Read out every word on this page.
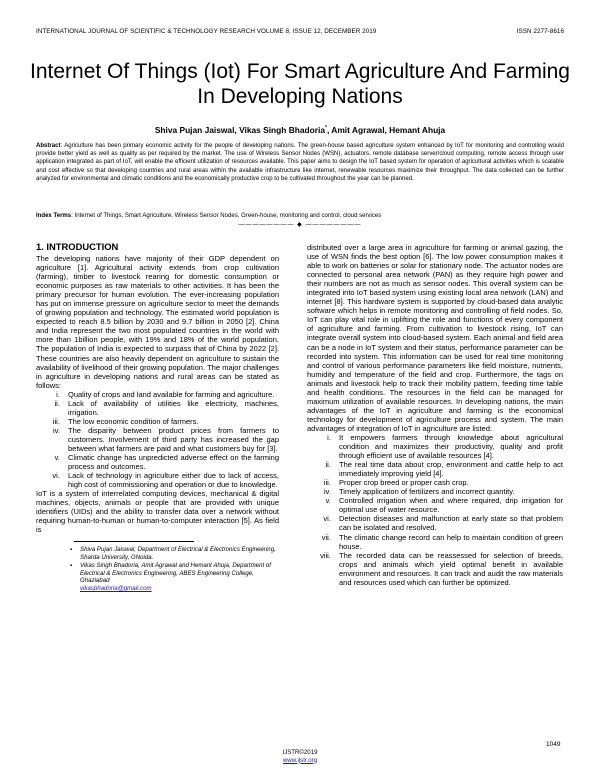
INTERNATIONAL JOURNAL OF SCIENTIFIC & TECHNOLOGY RESEARCH VOLUME 8, ISSUE 12, DECEMBER 2019	ISSN 2277-8616
Internet Of Things (Iot) For Smart Agriculture And Farming In Developing Nations
Shiva Pujan Jaiswal, Vikas Singh Bhadoria*, Amit Agrawal, Hemant Ahuja
Abstract: Agriculture has been primary economic activity for the people of developing nations. The green-house based agriculture system enhanced by IoT for monitoring and controlling would provide better yield as well as quality as per required by the market. The use of Wireless Sensor Nodes (WSN), actuators, remote database server/cloud computing, remote access through user application integrated as part of IoT, will enable the efficient utilization of resources available. This paper aims to design the IoT based system for operation of agricultural activities which is scalable and cost effective so that developing countries and rural areas within the available infrastructure like internet, renewable resources maximize their throughput. The data collected can be further analyzed for environmental and climatic conditions and the economically productive crop to be cultivated throughout the year can be planned.
Index Terms: Internet of Things, Smart Agriculture, Wireless Sensor Nodes, Green-house, monitoring and control, cloud services
———————— ◆ ————————

1. INTRODUCTION

The developing nations have majority of their GDP dependent on agriculture [1]. Agricultural activity extends from crop cultivation (farming), timber to livestock rearing for domestic consumption or economic purposes as raw materials to other activities. It has been the primary precursor for human evolution. The ever-increasing population has put on immense pressure on agriculture sector to meet the demands of growing population and technology. The estimated world population is expected to reach 8.5 billion by 2030 and 9.7 billion in 2050 [2]. China and India represent the two most populated countries in the world with more than 1billion people, with 19% and 18% of the world population. The population of India is expected to surpass that of China by 2022 [2]. These countries are also heavily dependent on agriculture to sustain the availability of livelihood of their growing population. The major challenges in agriculture in developing nations and rural areas can be stated as follows:

i. Quality of crops and land available for farming and agriculture.
ii. Lack of availability of utilities like electricity, machines, irrigation.
iii. The low economic condition of farmers.
iv. The disparity between product prices from farmers to customers. Involvement of third party has increased the gap between what farmers are paid and what customers buy for [3].
v. Climatic change has unpredicted adverse effect on the farming process and outcomes.
vi. Lack of technology in agriculture either due to lack of access, high cost of commissioning and operation or due to knowledge.

IoT is a system of interrelated computing devices, mechanical & digital machines, objects, animals or people that are provided with unique identifiers (UIDs) and the ability to transfer data over a network without requiring human-to-human or human-to-computer interaction [5]. As field is

▪ Shiva Pujan Jaiswal, Department of Electrical & Electronics Engineering, Sharda University, GNoida.
▪ Vikas Singh Bhadoria, Amit Agrawal and Hemant Ahuja, Department of Electrical & Electronics Engineering, ABES Engineering College, Ghaziabad
vikasbhadoria@gmail.com

distributed over a large area in agriculture for farming or animal gazing, the use of WSN finds the best option [6]. The low power consumption makes it able to work on batteries or solar for stationary node. The actuator nodes are connected to personal area network (PAN) as they require high power and their numbers are not as much as sensor nodes. This overall system can be integrated into IoT based system using existing local area network (LAN) and internet [8]. This hardware system is supported by cloud-based data analytic software which helps in remote monitoring and controlling of field nodes. So, IoT can play vital role in uplifting the role and functions of every component of agriculture and farming. From cultivation to livestock rising, IoT can integrate overall system into cloud-based system. Each animal and field area can be a node in IoT system and their status, performance parameter can be recorded into system. This information can be used for real time monitoring and control of various performance parameters like field moisture, nutrients, humidity and temperature of the field and crop. Furthermore, the tags on animals and livestock help to track their mobility pattern, feeding time table and health conditions. The resources in the field can be managed for maximum utilization of available resources. In developing nations, the main advantages of the IoT in agriculture and farming is the economical technology for development of agriculture process and system. The main advantages of integration of IoT in agriculture are listed:

i. It empowers farmers through knowledge about agricultural condition and maximizes their productivity, quality and profit through efficient use of available resources [4].
ii. The real time data about crop, environment and cattle help to act immediately improving yield [4].
iii. Proper crop breed or proper cash crop.
iv. Timely application of fertilizers and incorrect quantity.
v. Controlled irrigation when and where required, drip irrigation for optimal use of water resource.
vi. Detection diseases and malfunction at early state so that problem can be isolated and resolved.
vii. The climatic change record can help to maintain condition of green house.
viii. The recorded data can be reassessed for selection of breeds, crops and animals which yield optimal benefit in available environment and resources. It can track and audit the raw materials and resources used which can further be optimized.
1049
IJSTR©2019
www.ijstr.org
